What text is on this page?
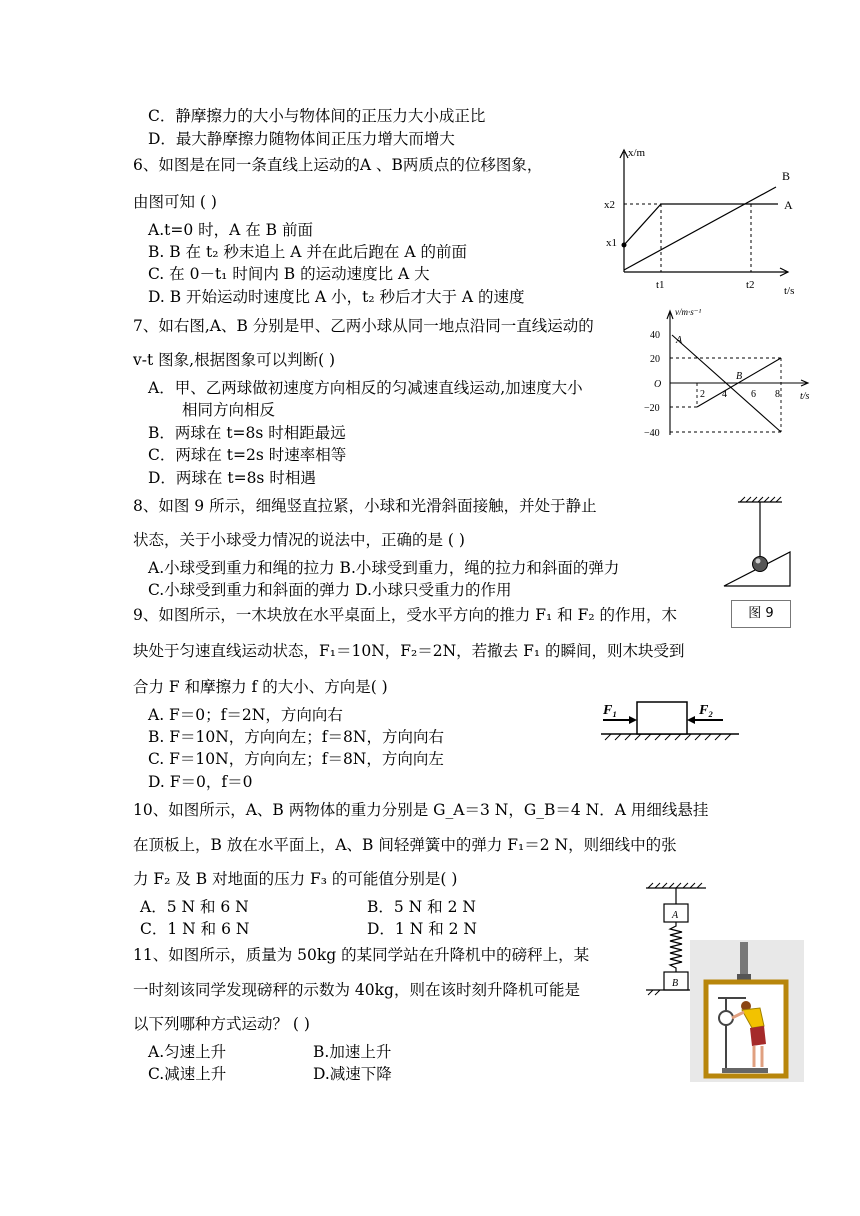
C．静摩擦力的大小与物体间的正压力大小成正比
D．最大静摩擦力随物体间正压力增大而增大
6、如图是在同一条直线上运动的A 、B两质点的位移图象，
由图可知 ( )
A.t=0 时，A 在 B 前面
B. B 在 t₂ 秒末追上 A 并在此后跑在 A 的前面
C. 在 0－t₁ 时间内 B 的运动速度比 A 大
D. B 开始运动时速度比 A 小，t₂ 秒后才大于 A 的速度
x/m
t/s
B
A
x2
x1
t1	t2
7、如右图,A、B 分别是甲、乙两小球从同一地点沿同一直线运动的
v-t 图象,根据图象可以判断( )
A．甲、乙两球做初速度方向相反的匀减速直线运动,加速度大小
相同方向相反
B．两球在 t=8s 时相距最远
C．两球在 t=2s 时速率相等
D．两球在 t=8s 时相遇
v/m·s⁻¹
t/s
20
40
O
−20
−40
2 4 6 8
A
B
8、如图 9 所示，细绳竖直拉紧，小球和光滑斜面接触，并处于静止
状态，关于小球受力情况的说法中，正确的是 ( )
A.小球受到重力和绳的拉力 B.小球受到重力，绳的拉力和斜面的弹力
C.小球受到重力和斜面的弹力 D.小球只受重力的作用
图 9
9、如图所示，一木块放在水平桌面上，受水平方向的推力 F₁ 和 F₂ 的作用，木
块处于匀速直线运动状态，F₁＝10N，F₂＝2N，若撤去 F₁ 的瞬间，则木块受到
合力 F 和摩擦力 f 的大小、方向是( )
A. F＝0；f＝2N，方向向右
B. F＝10N，方向向左；f＝8N，方向向右
C. F＝10N，方向向左；f＝8N，方向向左
D. F＝0，f＝0
F₁	F₂
10、如图所示，A、B 两物体的重力分别是 G_A＝3 N，G_B＝4 N．A 用细线悬挂
在顶板上，B 放在水平面上，A、B 间轻弹簧中的弹力 F₁＝2 N，则细线中的张
力 F₂ 及 B 对地面的压力 F₃ 的可能值分别是( )
A．5 N 和 6 N	B．5 N 和 2 N
C．1 N 和 6 N	D．1 N 和 2 N
A
B
11、如图所示，质量为 50kg 的某同学站在升降机中的磅秤上，某
一时刻该同学发现磅秤的示数为 40kg，则在该时刻升降机可能是
以下列哪种方式运动？ ( )
A.匀速上升	B.加速上升
C.减速上升	D.减速下降
